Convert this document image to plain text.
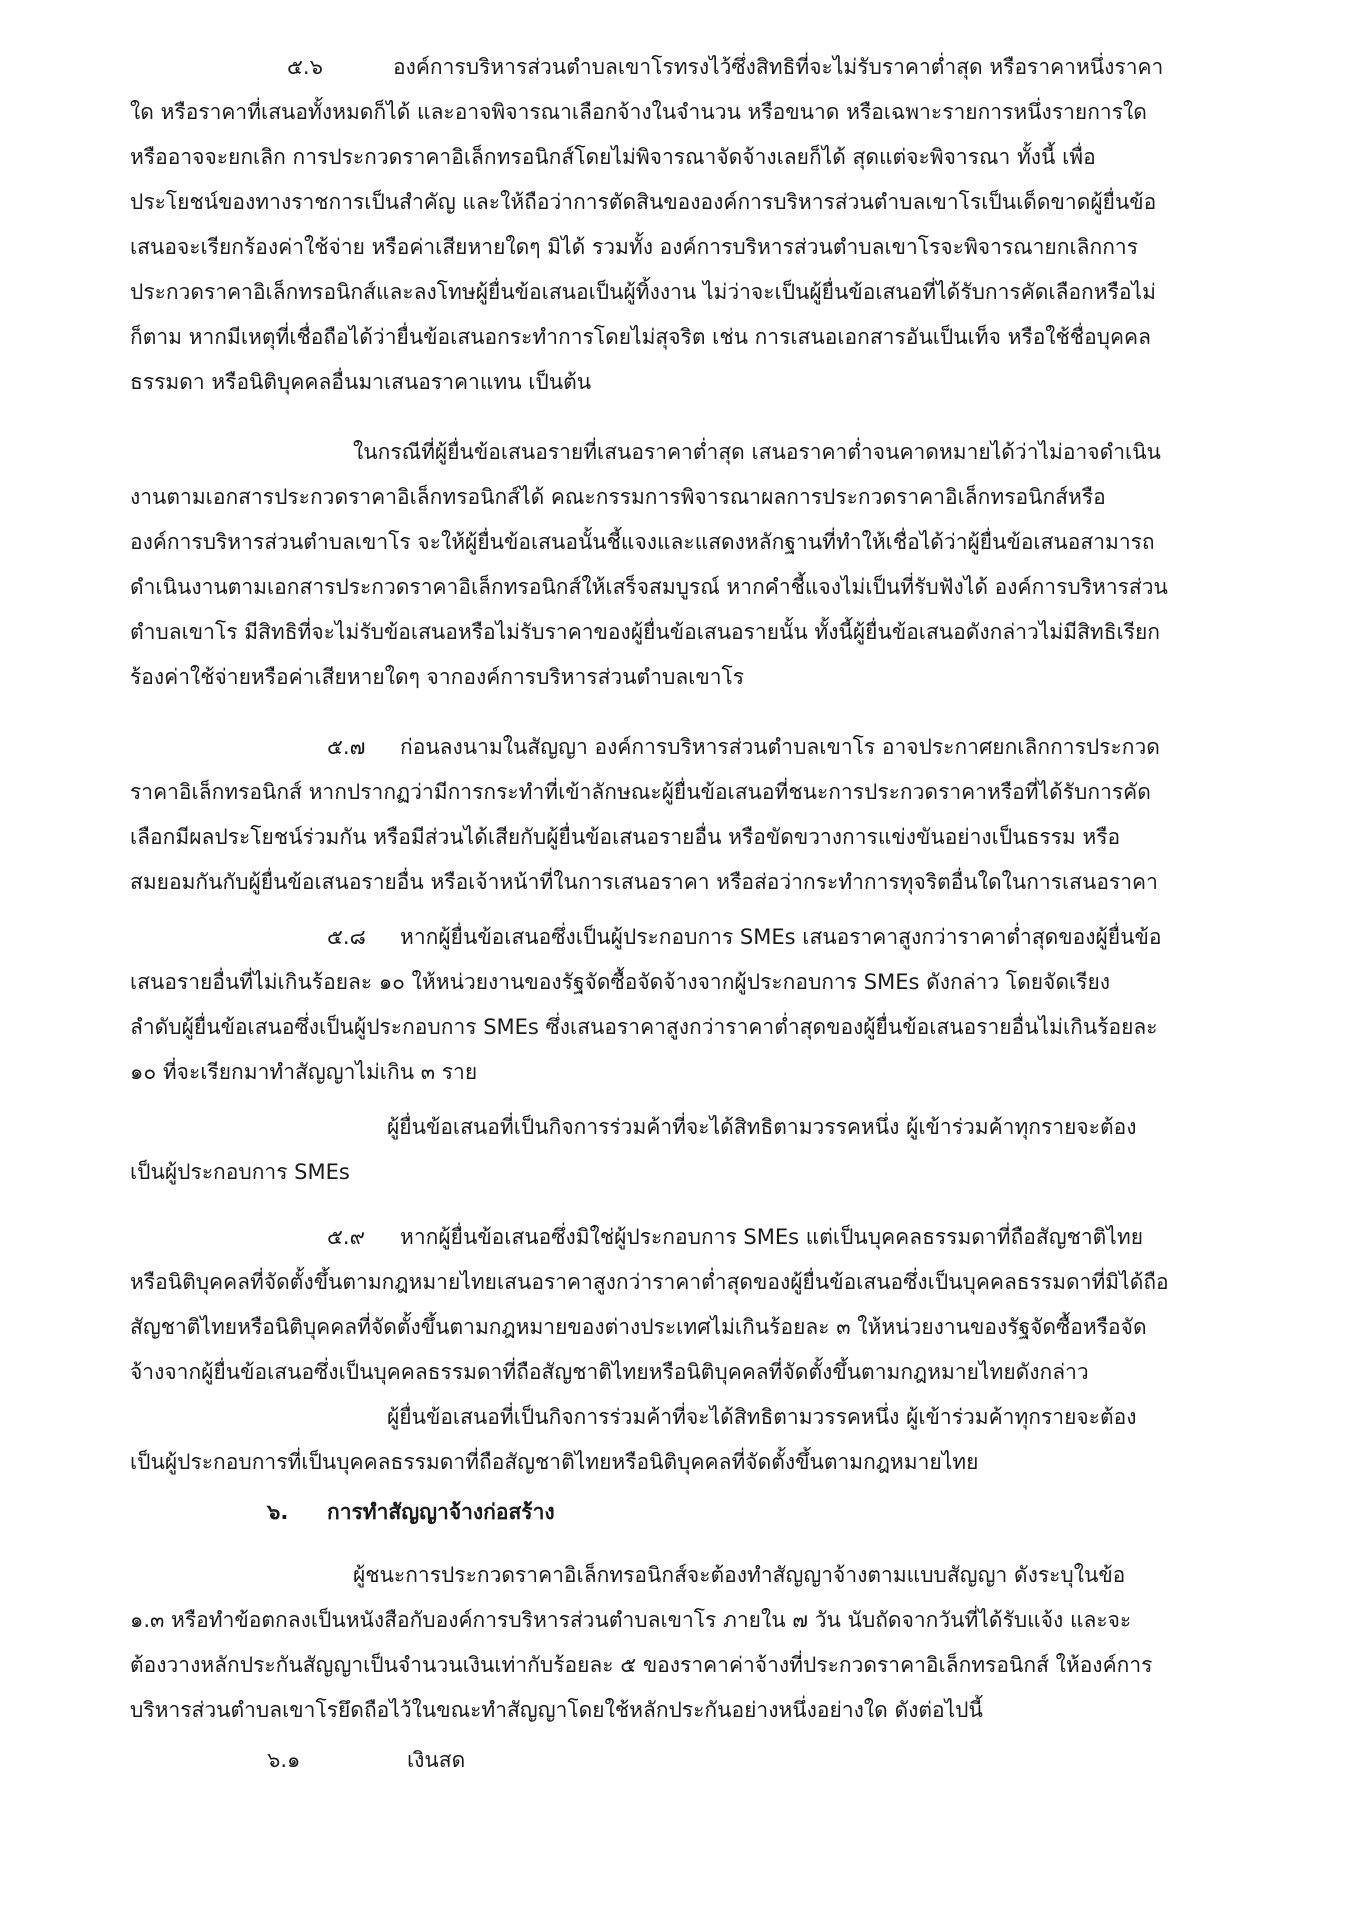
๕.๖	องค์การบริหารส่วนตำบลเขาโรทรงไว้ซึ่งสิทธิที่จะไม่รับราคาต่ำสุด หรือราคาหนึ่งราคา
ใด หรือราคาที่เสนอทั้งหมดก็ได้ และอาจพิจารณาเลือกจ้างในจำนวน หรือขนาด หรือเฉพาะรายการหนึ่งรายการใด
หรืออาจจะยกเลิก การประกวดราคาอิเล็กทรอนิกส์โดยไม่พิจารณาจัดจ้างเลยก็ได้ สุดแต่จะพิจารณา ทั้งนี้ เพื่อ
ประโยชน์ของทางราชการเป็นสำคัญ และให้ถือว่าการตัดสินขององค์การบริหารส่วนตำบลเขาโรเป็นเด็ดขาดผู้ยื่นข้อ
เสนอจะเรียกร้องค่าใช้จ่าย หรือค่าเสียหายใดๆ มิได้ รวมทั้ง องค์การบริหารส่วนตำบลเขาโรจะพิจารณายกเลิกการ
ประกวดราคาอิเล็กทรอนิกส์และลงโทษผู้ยื่นข้อเสนอเป็นผู้ทิ้งงาน ไม่ว่าจะเป็นผู้ยื่นข้อเสนอที่ได้รับการคัดเลือกหรือไม่
ก็ตาม หากมีเหตุที่เชื่อถือได้ว่ายื่นข้อเสนอกระทำการโดยไม่สุจริต เช่น การเสนอเอกสารอันเป็นเท็จ หรือใช้ชื่อบุคคล
ธรรมดา หรือนิติบุคคลอื่นมาเสนอราคาแทน เป็นต้น
ในกรณีที่ผู้ยื่นข้อเสนอรายที่เสนอราคาต่ำสุด เสนอราคาต่ำจนคาดหมายได้ว่าไม่อาจดำเนิน
งานตามเอกสารประกวดราคาอิเล็กทรอนิกส์ได้ คณะกรรมการพิจารณาผลการประกวดราคาอิเล็กทรอนิกส์หรือ
องค์การบริหารส่วนตำบลเขาโร จะให้ผู้ยื่นข้อเสนอนั้นชี้แจงและแสดงหลักฐานที่ทำให้เชื่อได้ว่าผู้ยื่นข้อเสนอสามารถ
ดำเนินงานตามเอกสารประกวดราคาอิเล็กทรอนิกส์ให้เสร็จสมบูรณ์ หากคำชี้แจงไม่เป็นที่รับฟังได้ องค์การบริหารส่วน
ตำบลเขาโร มีสิทธิที่จะไม่รับข้อเสนอหรือไม่รับราคาของผู้ยื่นข้อเสนอรายนั้น ทั้งนี้ผู้ยื่นข้อเสนอดังกล่าวไม่มีสิทธิเรียก
ร้องค่าใช้จ่ายหรือค่าเสียหายใดๆ จากองค์การบริหารส่วนตำบลเขาโร
๕.๗ ก่อนลงนามในสัญญา องค์การบริหารส่วนตำบลเขาโร อาจประกาศยกเลิกการประกวด
ราคาอิเล็กทรอนิกส์ หากปรากฏว่ามีการกระทำที่เข้าลักษณะผู้ยื่นข้อเสนอที่ชนะการประกวดราคาหรือที่ได้รับการคัด
เลือกมีผลประโยชน์ร่วมกัน หรือมีส่วนได้เสียกับผู้ยื่นข้อเสนอรายอื่น หรือขัดขวางการแข่งขันอย่างเป็นธรรม หรือ
สมยอมกันกับผู้ยื่นข้อเสนอรายอื่น หรือเจ้าหน้าที่ในการเสนอราคา หรือส่อว่ากระทำการทุจริตอื่นใดในการเสนอราคา
๕.๘ หากผู้ยื่นข้อเสนอซึ่งเป็นผู้ประกอบการ SMEs เสนอราคาสูงกว่าราคาต่ำสุดของผู้ยื่นข้อ
เสนอรายอื่นที่ไม่เกินร้อยละ ๑๐ ให้หน่วยงานของรัฐจัดซื้อจัดจ้างจากผู้ประกอบการ SMEs ดังกล่าว โดยจัดเรียง
ลำดับผู้ยื่นข้อเสนอซึ่งเป็นผู้ประกอบการ SMEs ซึ่งเสนอราคาสูงกว่าราคาต่ำสุดของผู้ยื่นข้อเสนอรายอื่นไม่เกินร้อยละ
๑๐ ที่จะเรียกมาทำสัญญาไม่เกิน ๓ ราย
ผู้ยื่นข้อเสนอที่เป็นกิจการร่วมค้าที่จะได้สิทธิตามวรรคหนึ่ง ผู้เข้าร่วมค้าทุกรายจะต้อง
เป็นผู้ประกอบการ SMEs
๕.๙ หากผู้ยื่นข้อเสนอซึ่งมิใช่ผู้ประกอบการ SMEs แต่เป็นบุคคลธรรมดาที่ถือสัญชาติไทย
หรือนิติบุคคลที่จัดตั้งขึ้นตามกฎหมายไทยเสนอราคาสูงกว่าราคาต่ำสุดของผู้ยื่นข้อเสนอซึ่งเป็นบุคคลธรรมดาที่มิได้ถือ
สัญชาติไทยหรือนิติบุคคลที่จัดตั้งขึ้นตามกฎหมายของต่างประเทศไม่เกินร้อยละ ๓ ให้หน่วยงานของรัฐจัดซื้อหรือจัด
จ้างจากผู้ยื่นข้อเสนอซึ่งเป็นบุคคลธรรมดาที่ถือสัญชาติไทยหรือนิติบุคคลที่จัดตั้งขึ้นตามกฎหมายไทยดังกล่าว
ผู้ยื่นข้อเสนอที่เป็นกิจการร่วมค้าที่จะได้สิทธิตามวรรคหนึ่ง ผู้เข้าร่วมค้าทุกรายจะต้อง
เป็นผู้ประกอบการที่เป็นบุคคลธรรมดาที่ถือสัญชาติไทยหรือนิติบุคคลที่จัดตั้งขึ้นตามกฎหมายไทย
๖. การทำสัญญาจ้างก่อสร้าง
ผู้ชนะการประกวดราคาอิเล็กทรอนิกส์จะต้องทำสัญญาจ้างตามแบบสัญญา ดังระบุในข้อ
๑.๓ หรือทำข้อตกลงเป็นหนังสือกับองค์การบริหารส่วนตำบลเขาโร ภายใน ๗ วัน นับถัดจากวันที่ได้รับแจ้ง และจะ
ต้องวางหลักประกันสัญญาเป็นจำนวนเงินเท่ากับร้อยละ ๕ ของราคาค่าจ้างที่ประกวดราคาอิเล็กทรอนิกส์ ให้องค์การ
บริหารส่วนตำบลเขาโรยึดถือไว้ในขณะทำสัญญาโดยใช้หลักประกันอย่างหนึ่งอย่างใด ดังต่อไปนี้
๖.๑	เงินสด
